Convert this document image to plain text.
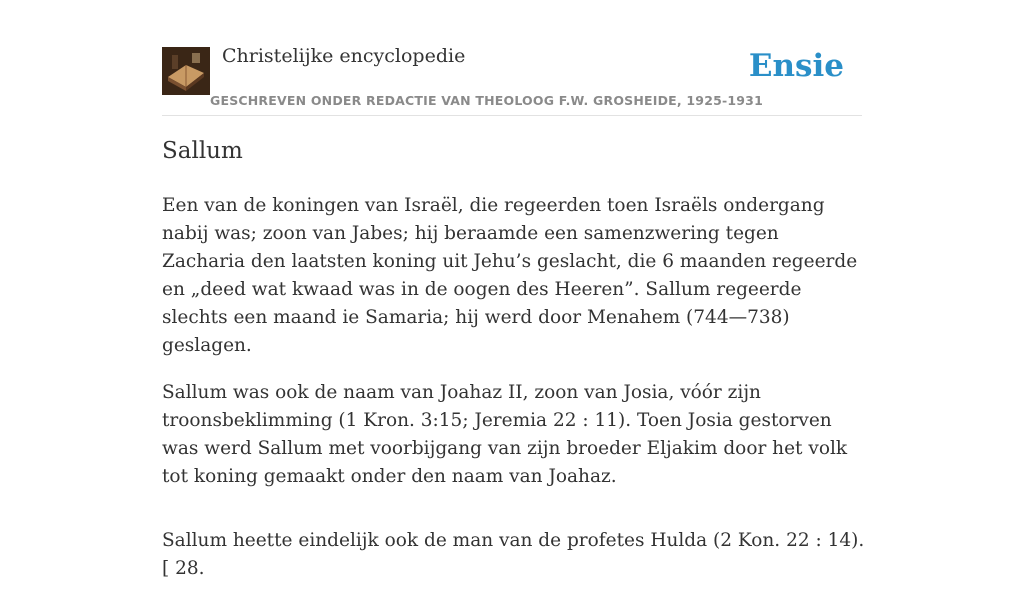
Christelijke encyclopedie
GESCHREVEN ONDER REDACTIE VAN THEOLOOG F.W. GROSHEIDE, 1925-1931
Ensie
Sallum

Een van de koningen van Israël, die regeerden toen Israëls ondergang nabij was; zoon van Jabes; hij beraamde een samenzwering tegen Zacharia den laatsten koning uit Jehu’s geslacht, die 6 maanden regeerde en „deed wat kwaad was in de oogen des Heeren”. Sallum regeerde slechts een maand ie Samaria; hij werd door Menahem (744—738) geslagen.

Sallum was ook de naam van Joahaz II, zoon van Josia, vóór zijn troonsbeklimming (1 Kron. 3:15; Jeremia 22 : 11). Toen Josia gestorven was werd Sallum met voorbijgang van zijn broeder Eljakim door het volk tot koning gemaakt onder den naam van Joahaz.

Sallum heette eindelijk ook de man van de profetes Hulda (2 Kon. 22 : 14). [ 28.
